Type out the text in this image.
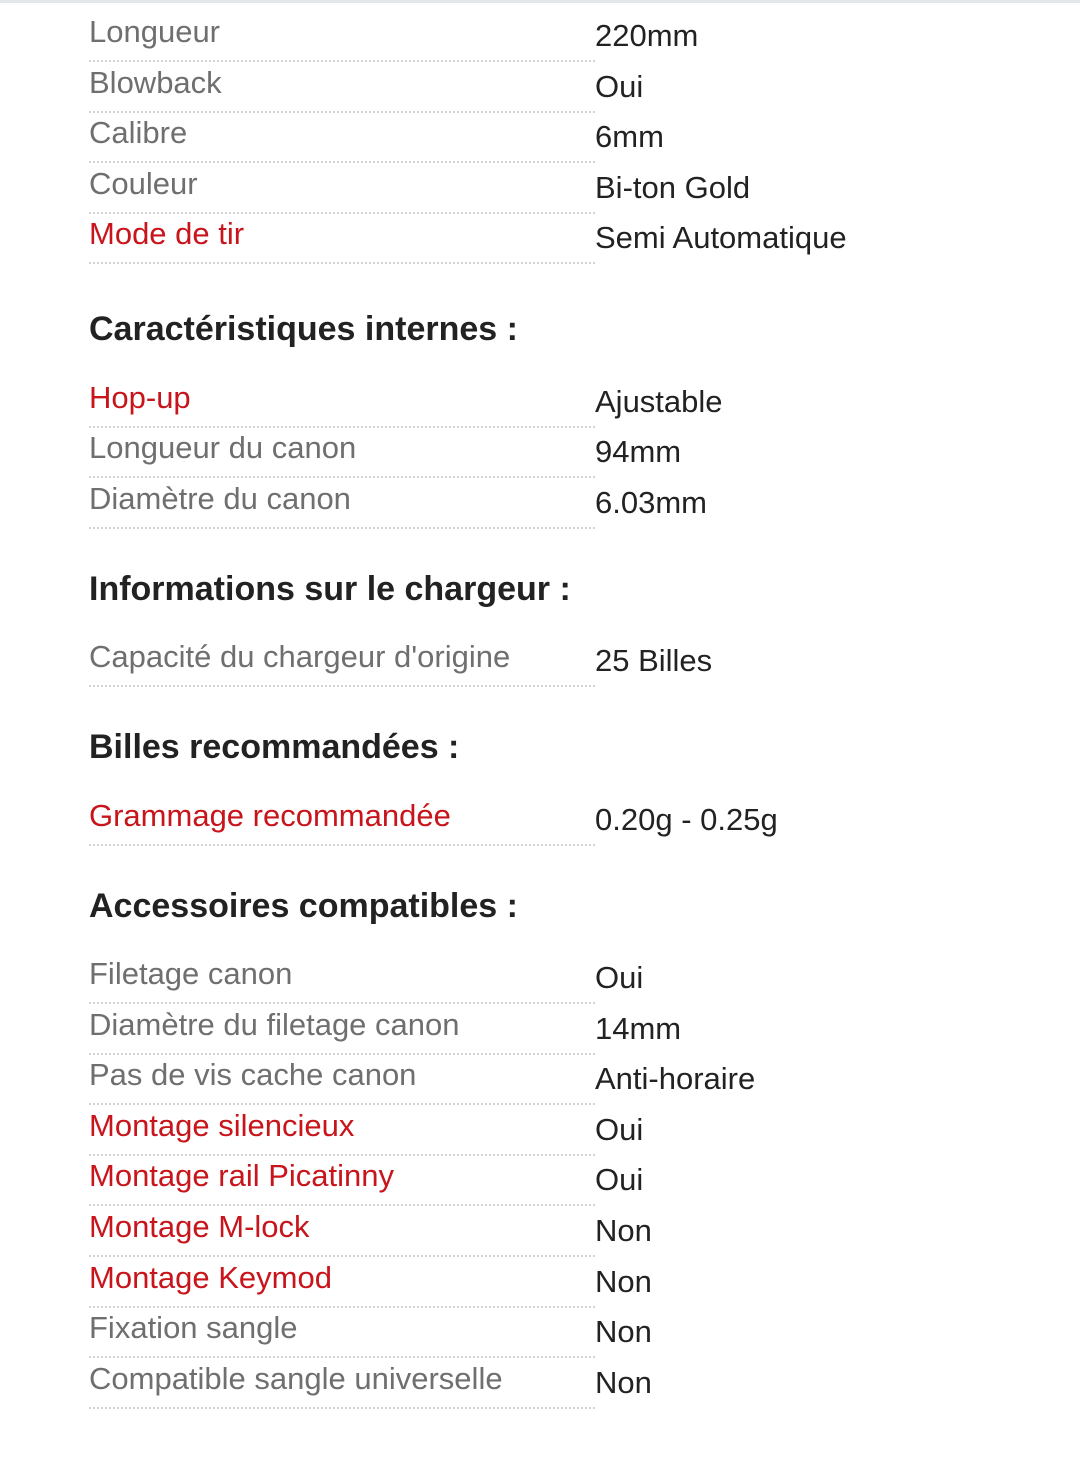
Longueur	220mm
Blowback	Oui
Calibre	6mm
Couleur	Bi-ton Gold
Mode de tir	Semi Automatique
Caractéristiques internes :
Hop-up	Ajustable
Longueur du canon	94mm
Diamètre du canon	6.03mm
Informations sur le chargeur :
Capacité du chargeur d'origine	25 Billes
Billes recommandées :
Grammage recommandée	0.20g - 0.25g
Accessoires compatibles :
Filetage canon	Oui
Diamètre du filetage canon	14mm
Pas de vis cache canon	Anti-horaire
Montage silencieux	Oui
Montage rail Picatinny	Oui
Montage M-lock	Non
Montage Keymod	Non
Fixation sangle	Non
Compatible sangle universelle	Non
